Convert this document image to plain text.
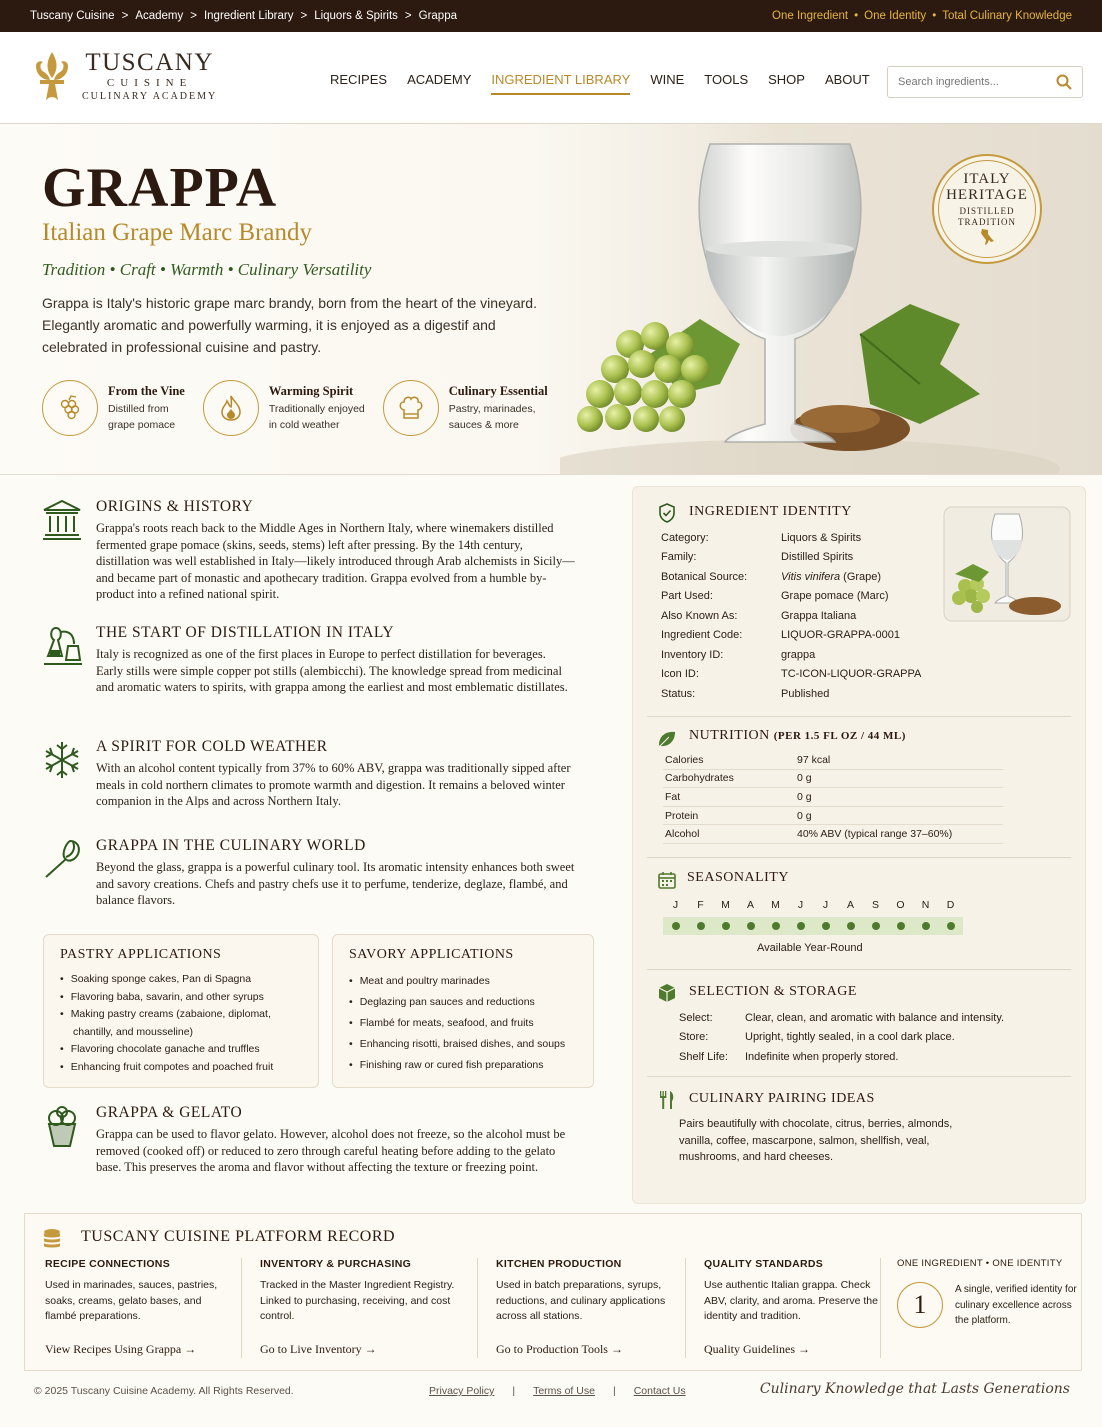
Tuscany Cuisine > Academy > Ingredient Library > Liquors & Spirits > Grappa	One Ingredient • One Identity • Total Culinary Knowledge
TUSCANY
CUISINE
CULINARY ACADEMY
RECIPES ACADEMY INGREDIENT LIBRARY WINE TOOLS SHOP ABOUT
Search ingredients...
GRAPPA
Italian Grape Marc Brandy
Tradition • Craft • Warmth • Culinary Versatility
Grappa is Italy's historic grape marc brandy, born from the heart of the vineyard. Elegantly aromatic and powerfully warming, it is enjoyed as a digestif and celebrated in professional cuisine and pastry.
From the Vine
Distilled from
grape pomace
Warming Spirit
Traditionally enjoyed
in cold weather
Culinary Essential
Pastry, marinades,
sauces & more
ITALY
HERITAGE
DISTILLED
TRADITION
ORIGINS & HISTORY

Grappa's roots reach back to the Middle Ages in Northern Italy, where winemakers distilled fermented grape pomace (skins, seeds, stems) left after pressing. By the 14th century, distillation was well established in Italy—likely introduced through Arab alchemists in Sicily—and became part of monastic and apothecary tradition. Grappa evolved from a humble by-product into a refined national spirit.

THE START OF DISTILLATION IN ITALY

Italy is recognized as one of the first places in Europe to perfect distillation for beverages. Early stills were simple copper pot stills (alembicchi). The knowledge spread from medicinal and aromatic waters to spirits, with grappa among the earliest and most emblematic distillates.

A SPIRIT FOR COLD WEATHER

With an alcohol content typically from 37% to 60% ABV, grappa was traditionally sipped after meals in cold northern climates to promote warmth and digestion. It remains a beloved winter companion in the Alps and across Northern Italy.

GRAPPA IN THE CULINARY WORLD

Beyond the glass, grappa is a powerful culinary tool. Its aromatic intensity enhances both sweet and savory creations. Chefs and pastry chefs use it to perfume, tenderize, deglaze, flambé, and balance flavors.

PASTRY APPLICATIONS
• Soaking sponge cakes, Pan di Spagna
• Flavoring baba, savarin, and other syrups
• Making pastry creams (zabaione, diplomat,
chantilly, and mousseline)
• Flavoring chocolate ganache and truffles
• Enhancing fruit compotes and poached fruit
SAVORY APPLICATIONS
• Meat and poultry marinades
• Deglazing pan sauces and reductions
• Flambé for meats, seafood, and fruits
• Enhancing risotti, braised dishes, and soups
• Finishing raw or cured fish preparations
GRAPPA & GELATO

Grappa can be used to flavor gelato. However, alcohol does not freeze, so the alcohol must be removed (cooked off) or reduced to zero through careful heating before adding to the gelato base. This preserves the aroma and flavor without affecting the texture or freezing point.

INGREDIENT IDENTITY
Category:	Liquors & Spirits
Family:	Distilled Spirits
Botanical Source:	Vitis vinifera (Grape)
Part Used:	Grape pomace (Marc)
Also Known As:	Grappa Italiana
Ingredient Code:	LIQUOR-GRAPPA-0001
Inventory ID:	grappa
Icon ID:	TC-ICON-LIQUOR-GRAPPA
Status:	Published
NUTRITION (PER 1.5 FL OZ / 44 ML)
Calories	97 kcal
Carbohydrates	0 g
Fat	0 g
Protein	0 g
Alcohol	40% ABV (typical range 37–60%)
SEASONALITY
J	F	M	A	M	J	J	A	S	O	N	D
Available Year-Round
SELECTION & STORAGE
Select:	Clear, clean, and aromatic with balance and intensity.
Store:	Upright, tightly sealed, in a cool dark place.
Shelf Life:	Indefinite when properly stored.
CULINARY PAIRING IDEAS
Pairs beautifully with chocolate, citrus, berries, almonds, vanilla, coffee, mascarpone, salmon, shellfish, veal, mushrooms, and hard cheeses.
TUSCANY CUISINE PLATFORM RECORD
RECIPE CONNECTIONS

Used in marinades, sauces, pastries, soaks, creams, gelato bases, and flambé preparations.

View Recipes Using Grappa →
INVENTORY & PURCHASING

Tracked in the Master Ingredient Registry. Linked to purchasing, receiving, and cost control.

Go to Live Inventory →
KITCHEN PRODUCTION

Used in batch preparations, syrups, reductions, and culinary applications across all stations.

Go to Production Tools →
QUALITY STANDARDS

Use authentic Italian grappa. Check ABV, clarity, and aroma. Preserve the identity and tradition.

Quality Guidelines →
ONE INGREDIENT • ONE IDENTITY
1

A single, verified identity for culinary excellence across the platform.

© 2025 Tuscany Cuisine Academy. All Rights Reserved.	Privacy Policy | Terms of Use | Contact Us	Culinary Knowledge that Lasts Generations
